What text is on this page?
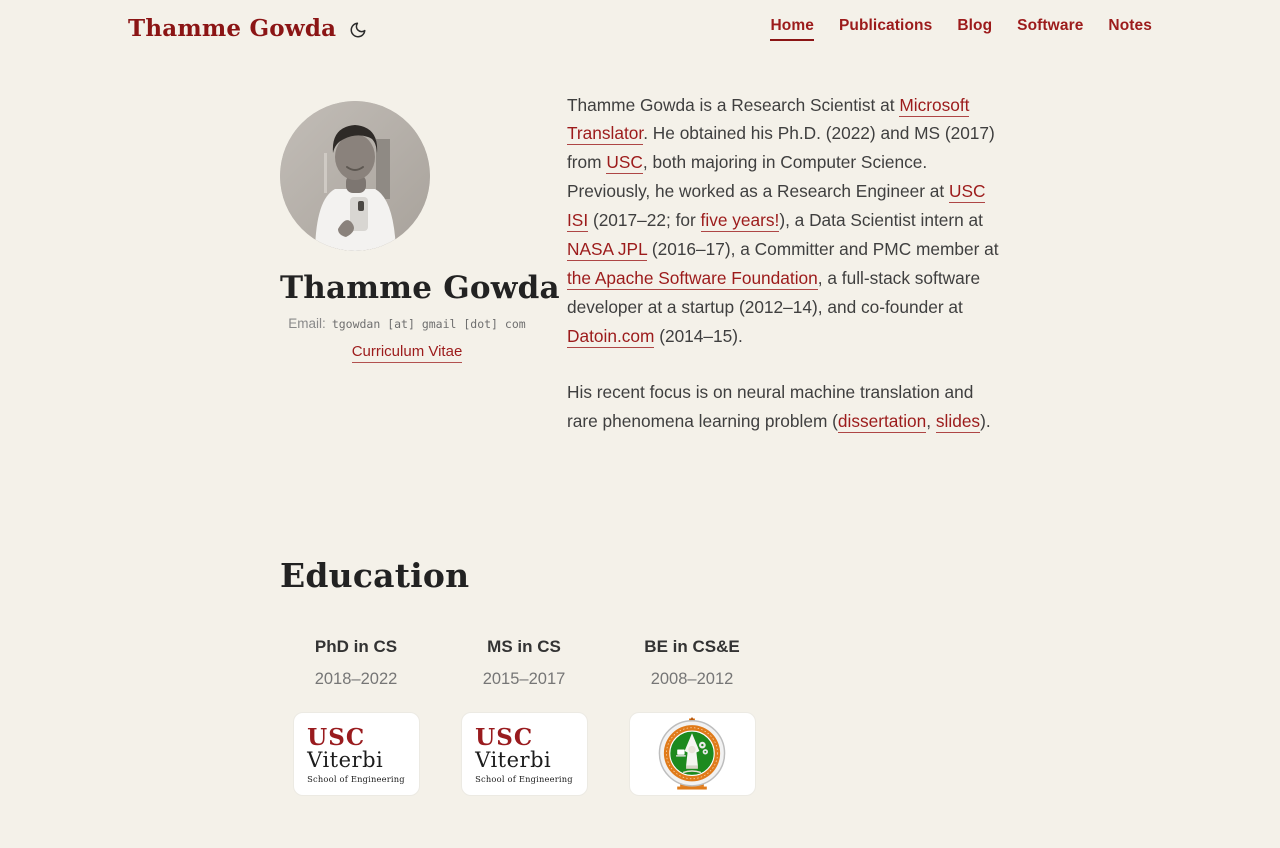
Thamme Gowda	Home Publications Blog Software Notes
Thamme Gowda
Email: tgowdan [at] gmail [dot] com
Curriculum Vitae

Thamme Gowda is a Research Scientist at Microsoft Translator. He obtained his Ph.D. (2022) and MS (2017) from USC, both majoring in Computer Science. Previously, he worked as a Research Engineer at USC ISI (2017–22; for five years!), a Data Scientist intern at NASA JPL (2016–17), a Committer and PMC member at the Apache Software Foundation, a full-stack software developer at a startup (2012–14), and co-founder at Datoin.com (2014–15).

His recent focus is on neural machine translation and rare phenomena learning problem (dissertation, slides).

Education
PhD in CS
2018–2022
USC
Viterbi
School of Engineering
MS in CS
2015–2017
USC
Viterbi
School of Engineering
BE in CS&E
2008–2012
